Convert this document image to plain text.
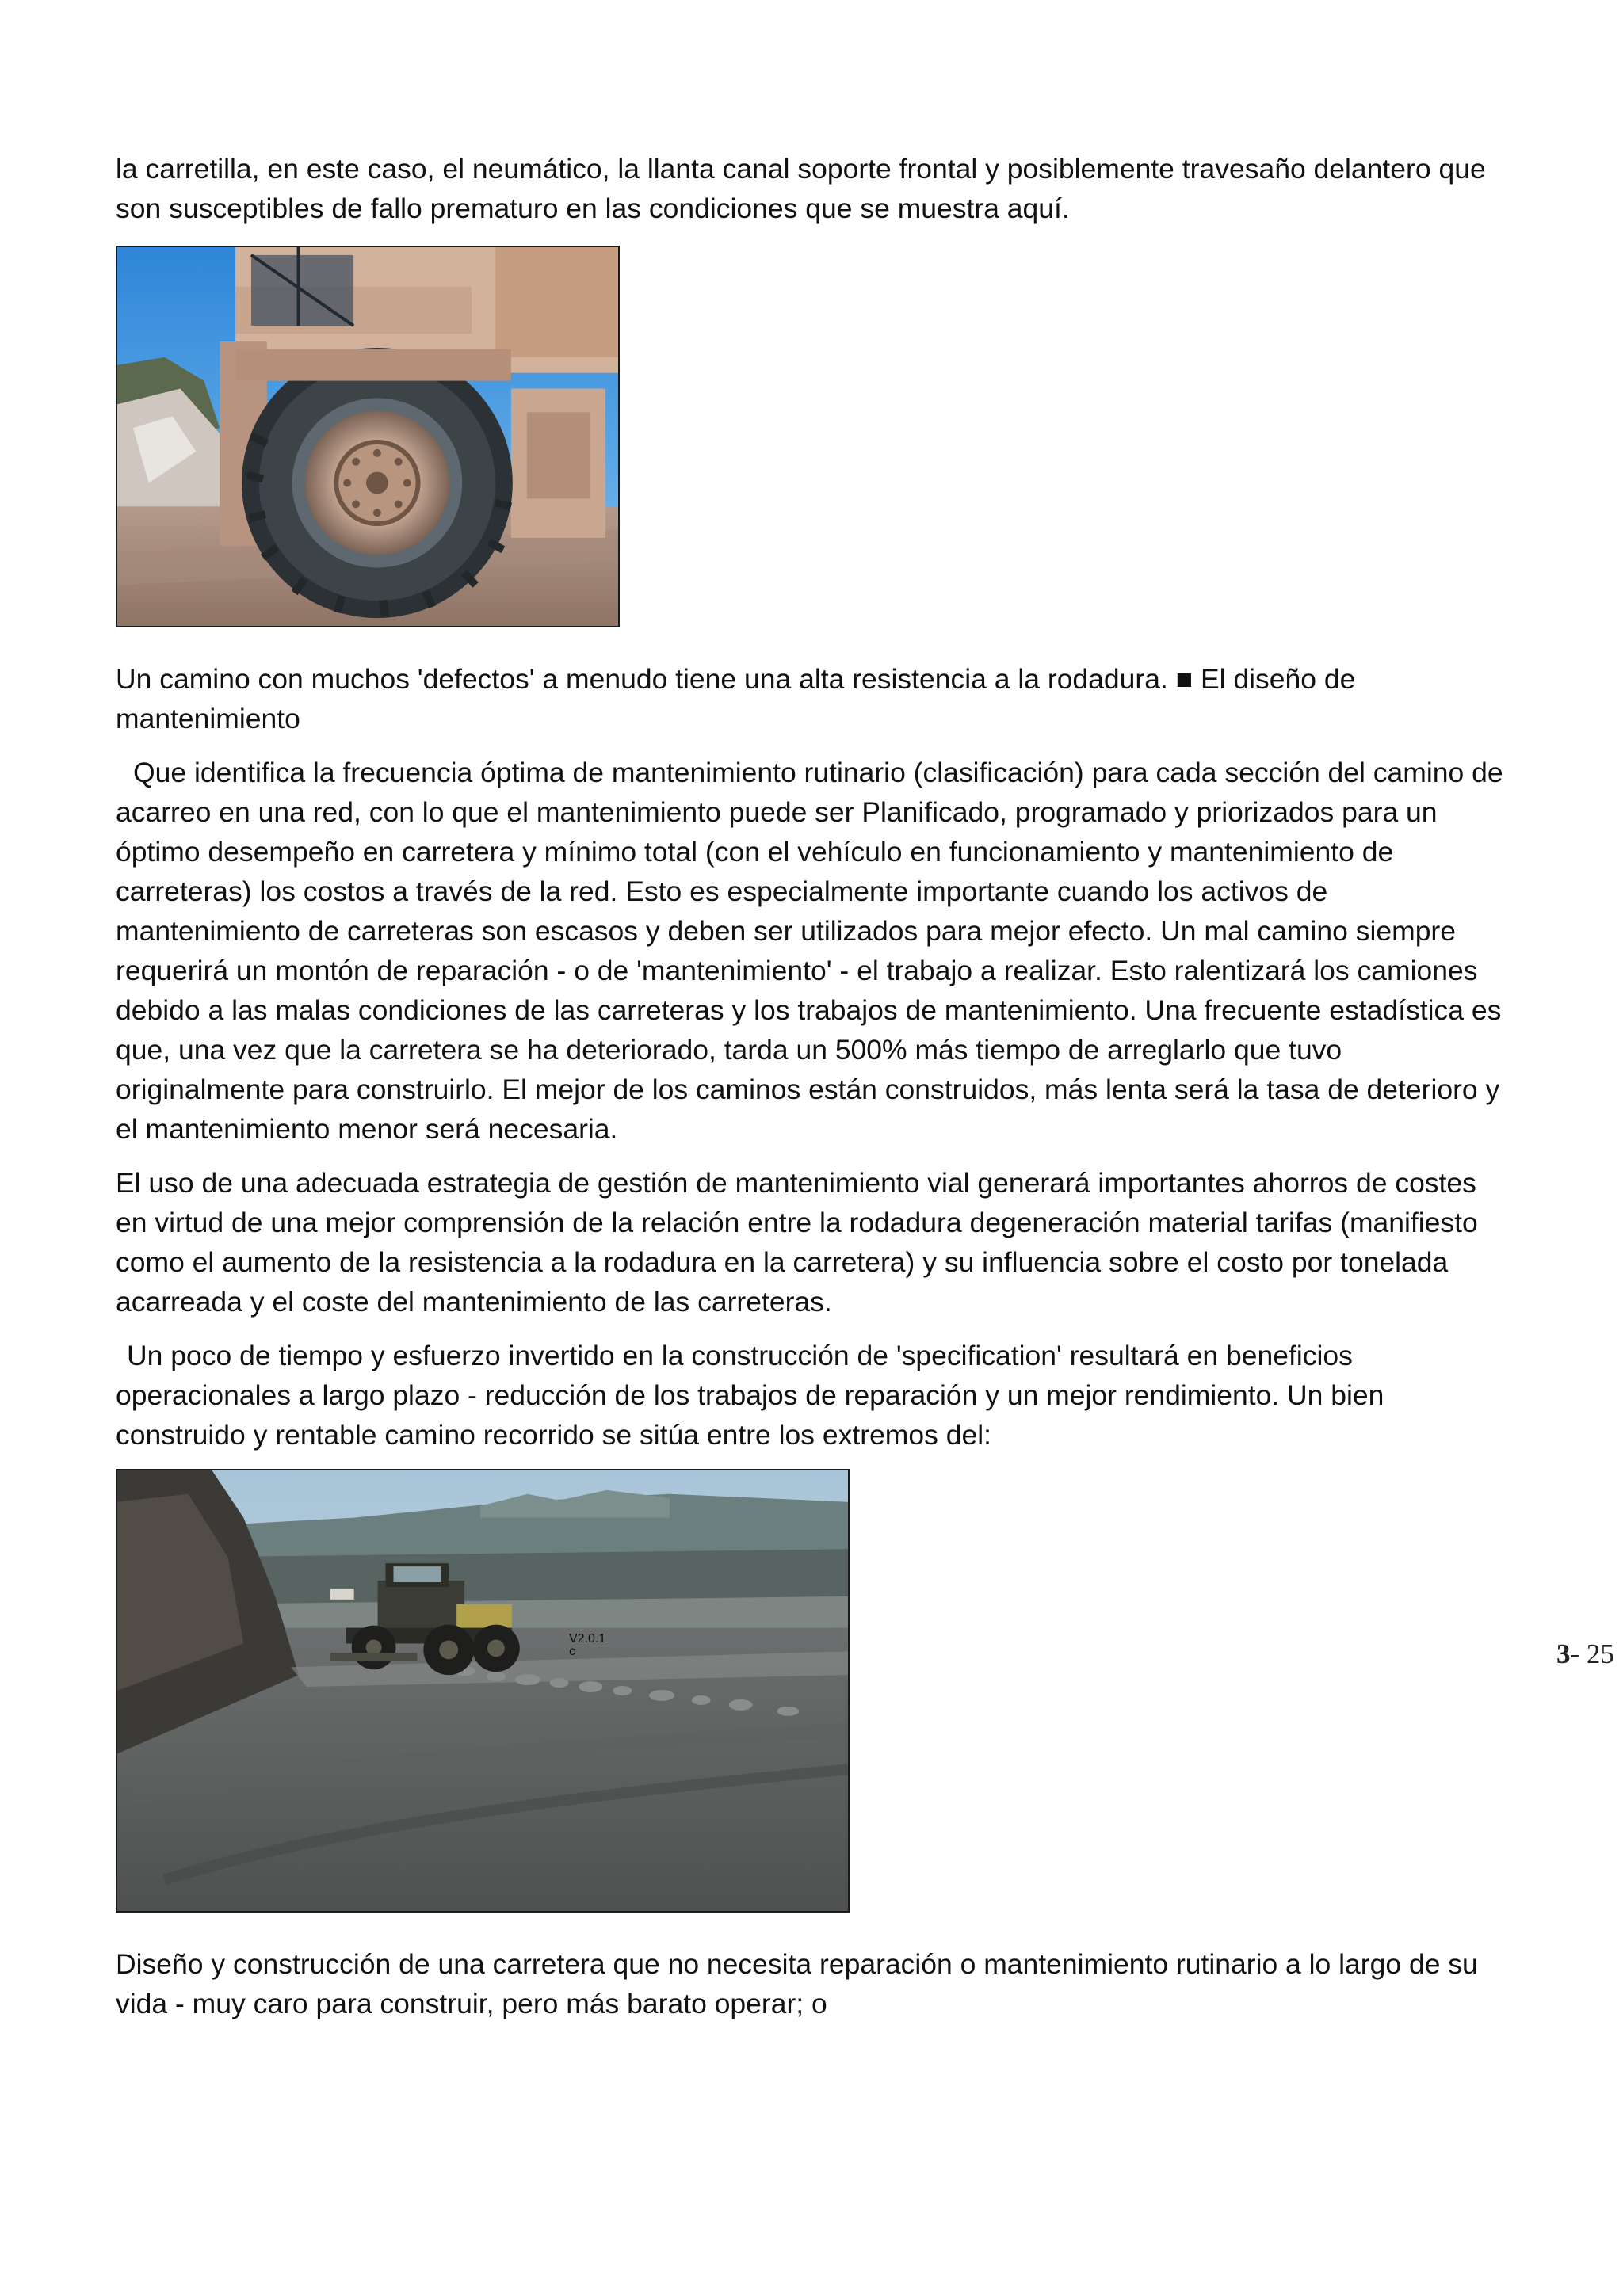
la carretilla, en este caso, el neumático, la llanta canal soporte frontal y posiblemente travesaño delantero que son susceptibles de fallo prematuro en las condiciones que se muestra aquí.

Un camino con muchos 'defectos' a menudo tiene una alta resistencia a la rodadura. ■ El diseño de mantenimiento

Que identifica la frecuencia óptima de mantenimiento rutinario (clasificación) para cada sección del camino de acarreo en una red, con lo que el mantenimiento puede ser Planificado, programado y priorizados para un óptimo desempeño en carretera y mínimo total (con el vehículo en funcionamiento y mantenimiento de carreteras) los costos a través de la red. Esto es especialmente importante cuando los activos de mantenimiento de carreteras son escasos y deben ser utilizados para mejor efecto. Un mal camino siempre requerirá un montón de reparación - o de 'mantenimiento' - el trabajo a realizar. Esto ralentizará los camiones debido a las malas condiciones de las carreteras y los trabajos de mantenimiento. Una frecuente estadística es que, una vez que la carretera se ha deteriorado, tarda un 500% más tiempo de arreglarlo que tuvo originalmente para construirlo. El mejor de los caminos están construidos, más lenta será la tasa de deterioro y el mantenimiento menor será necesaria.

El uso de una adecuada estrategia de gestión de mantenimiento vial generará importantes ahorros de costes en virtud de una mejor comprensión de la relación entre la rodadura degeneración material tarifas (manifiesto como el aumento de la resistencia a la rodadura en la carretera) y su influencia sobre el costo por tonelada acarreada y el coste del mantenimiento de las carreteras.

Un poco de tiempo y esfuerzo invertido en la construcción de 'specification' resultará en beneficios operacionales a largo plazo - reducción de los trabajos de reparación y un mejor rendimiento. Un bien construido y rentable camino recorrido se sitúa entre los extremos del:

V2.0.1
c

Diseño y construcción de una carretera que no necesita reparación o mantenimiento rutinario a lo largo de su vida - muy caro para construir, pero más barato operar; o

3- 25
